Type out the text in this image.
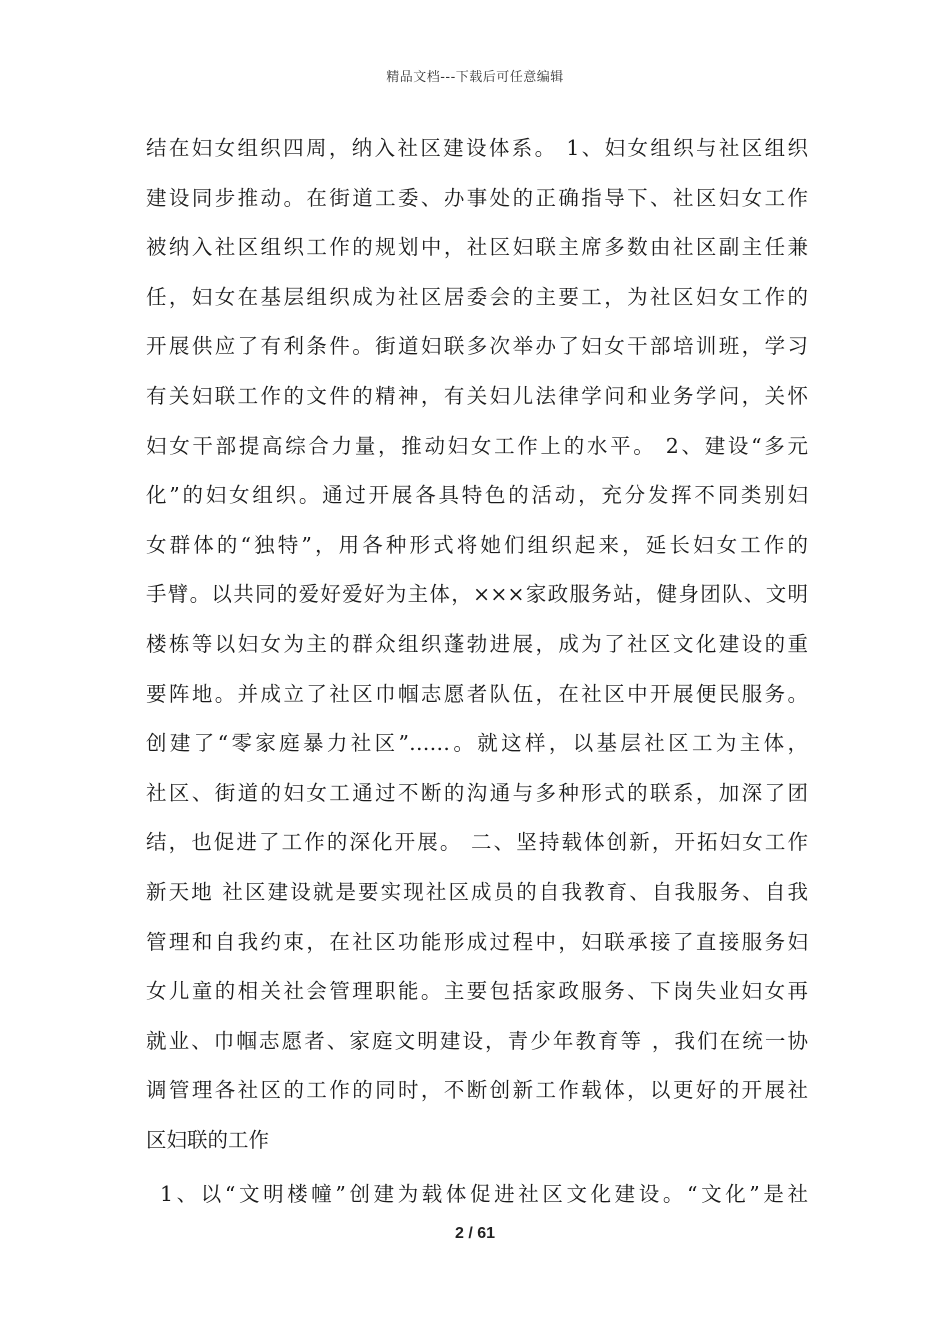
精品文档---下载后可任意编辑
结在妇女组织四周，纳入社区建设体系。 1、妇女组织与社区组织
建设同步推动。在街道工委、办事处的正确指导下、社区妇女工作
被纳入社区组织工作的规划中，社区妇联主席多数由社区副主任兼
任，妇女在基层组织成为社区居委会的主要工，为社区妇女工作的
开展供应了有利条件。街道妇联多次举办了妇女干部培训班，学习
有关妇联工作的文件的精神，有关妇儿法律学问和业务学问，关怀
妇女干部提高综合力量，推动妇女工作上的水平。 2、建设“多元
化”的妇女组织。通过开展各具特色的活动，充分发挥不同类别妇
女群体的“独特”，用各种形式将她们组织起来，延长妇女工作的
手臂。以共同的爱好爱好为主体，×××家政服务站，健身团队、文明
楼栋等以妇女为主的群众组织蓬勃进展，成为了社区文化建设的重
要阵地。并成立了社区巾帼志愿者队伍，在社区中开展便民服务。
创建了“零家庭暴力社区”……。就这样，以基层社区工为主体，
社区、街道的妇女工通过不断的沟通与多种形式的联系，加深了团
结，也促进了工作的深化开展。 二、坚持载体创新，开拓妇女工作
新天地 社区建设就是要实现社区成员的自我教育、自我服务、自我
管理和自我约束，在社区功能形成过程中，妇联承接了直接服务妇
女儿童的相关社会管理职能。主要包括家政服务、下岗失业妇女再
就业、巾帼志愿者、家庭文明建设，青少年教育等 ，我们在统一协
调管理各社区的工作的同时，不断创新工作载体，以更好的开展社
区妇联的工作
1、以“文明楼幢”创建为载体促进社区文化建设。“文化”是社
2 / 61
